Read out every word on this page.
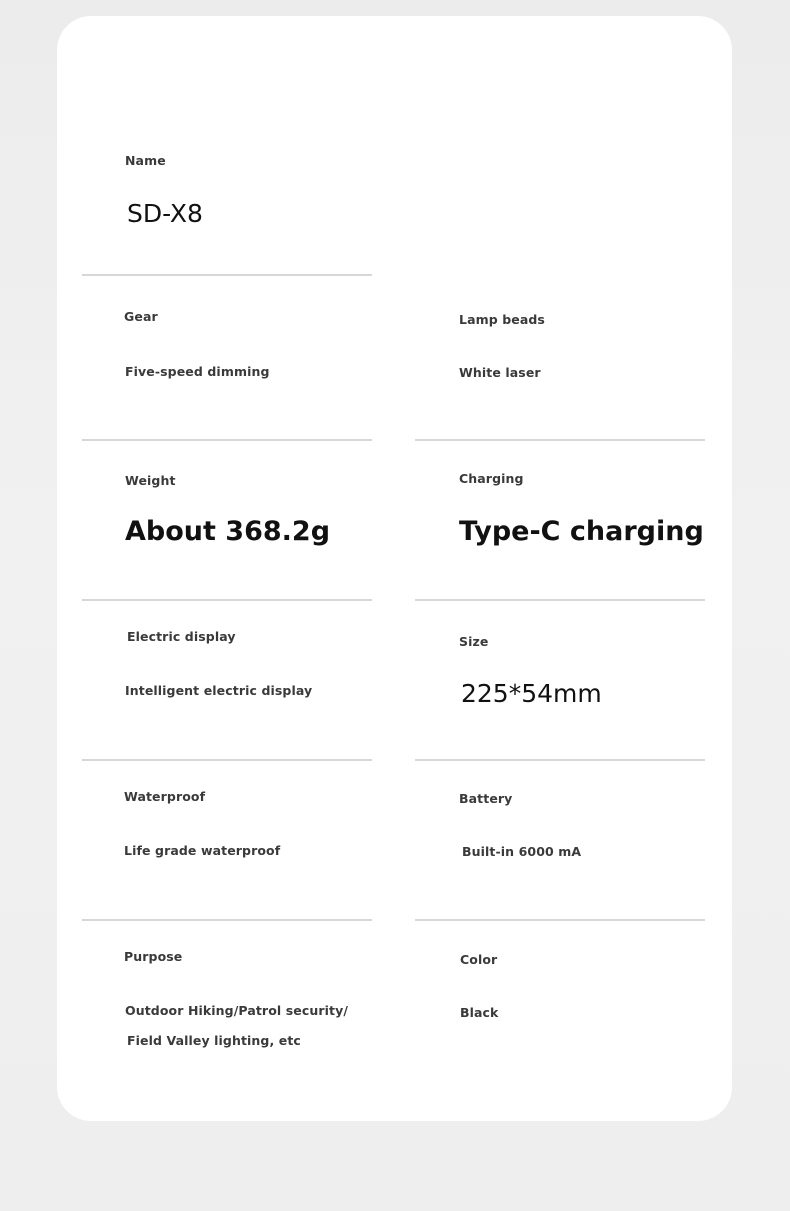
Name
SD-X8
Gear
Five-speed dimming
Lamp beads
White laser
Weight
About 368.2g
Charging
Type-C charging
Electric display
Intelligent electric display
Size
225*54mm
Waterproof
Life grade waterproof
Battery
Built-in 6000 mA
Purpose
Outdoor Hiking/Patrol security/
Field Valley lighting, etc
Color
Black
